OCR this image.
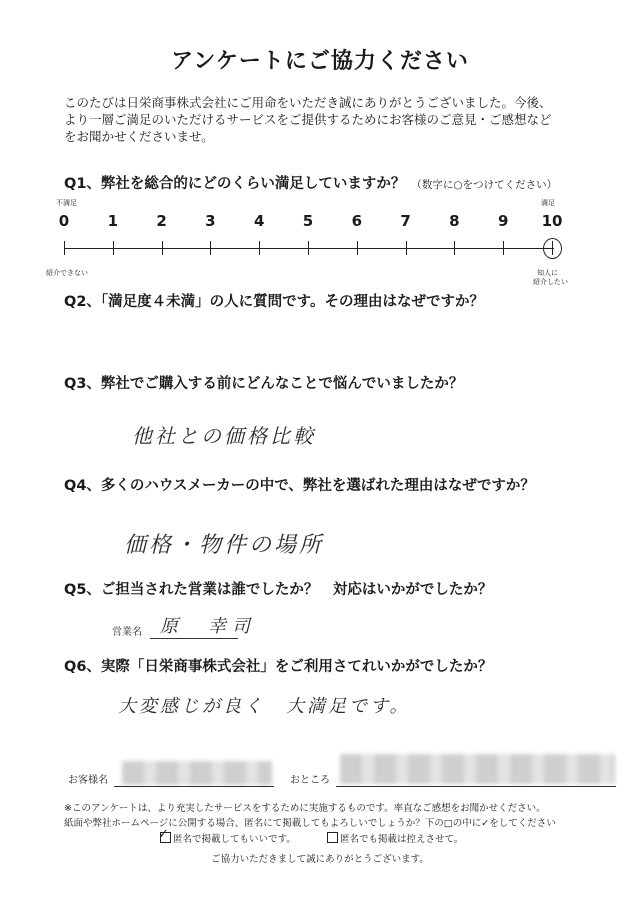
アンケートにご協力ください
このたびは日栄商事株式会社にご用命をいただき誠にありがとうございました。今後、
より一層ご満足のいただけるサービスをご提供するためにお客様のご意見・ご感想など
をお聞かせくださいませ。
Q1、弊社を総合的にどのくらい満足していますか？ （数字に○をつけてください）
不満足	満足
0	1	2	3	4	5	6	7	8	9	10
紹介できない	知人に
紹介したい
Q2、「満足度４未満」の人に質問です。その理由はなぜですか？
Q3、弊社でご購入する前にどんなことで悩んでいましたか？
他社との価格比較
Q4、多くのハウスメーカーの中で、弊社を選ばれた理由はなぜですか？
価格・物件の場所
Q5、ご担当された営業は誰でしたか？　対応はいかがでしたか？
営業名 原　幸司
Q6、実際「日栄商事株式会社」をご利用さてれいかがでしたか？
大変感じが良く　大満足です。
お客様名	おところ
※このアンケートは、より充実したサービスをするために実施するものです。率直なご感想をお聞かせください。
紙面や弊社ホームページに公開する場合、匿名にて掲載してもよろしいでしょうか？下の□の中に✓をしてください
✓ 匿名で掲載してもいいです。	匿名でも掲載は控えさせて。
ご協力いただきまして誠にありがとうございます。
